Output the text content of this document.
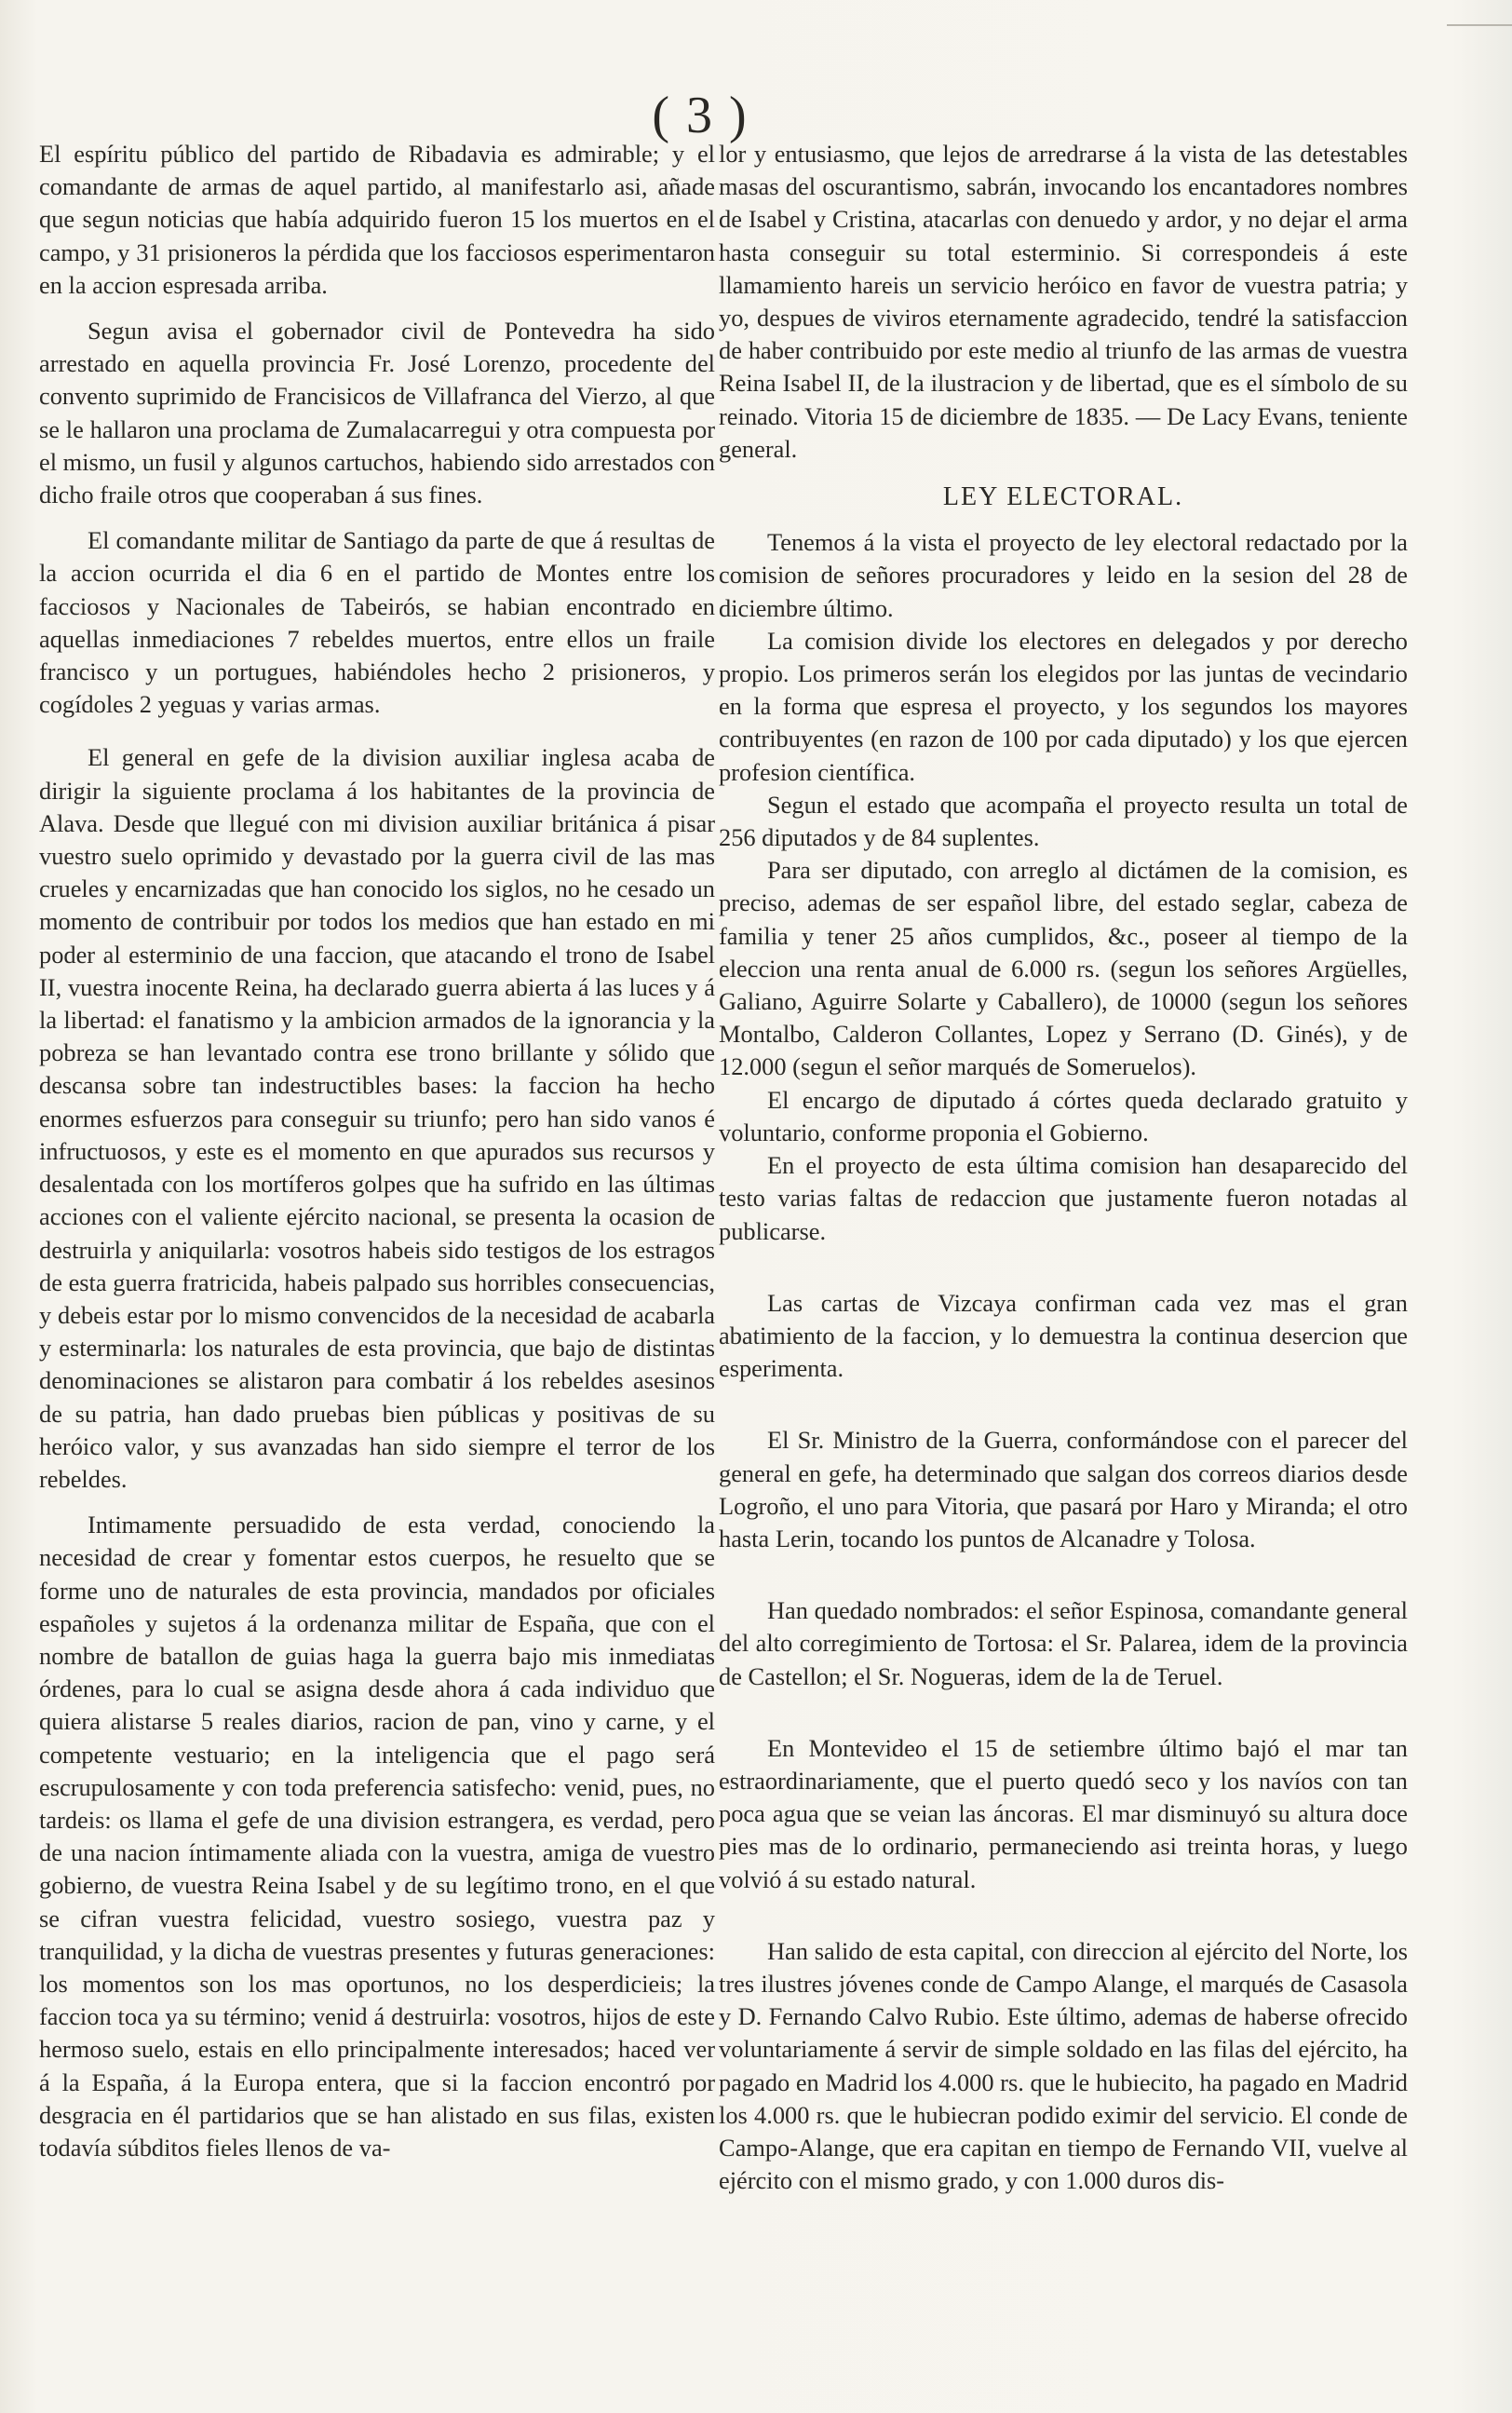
( 3 )

El espíritu público del partido de Ribadavia es admirable; y el comandante de armas de aquel partido, al manifestarlo asi, añade que segun noticias que había adquirido fueron 15 los muertos en el campo, y 31 prisioneros la pérdida que los facciosos esperimentaron en la accion espresada arriba.

Segun avisa el gobernador civil de Pontevedra ha sido arrestado en aquella provincia Fr. José Lorenzo, procedente del convento suprimido de Francisicos de Villafranca del Vierzo, al que se le hallaron una proclama de Zumalacarregui y otra compuesta por el mismo, un fusil y algunos cartuchos, habiendo sido arrestados con dicho fraile otros que cooperaban á sus fines.

El comandante militar de Santiago da parte de que á resultas de la accion ocurrida el dia 6 en el partido de Montes entre los facciosos y Nacionales de Tabeirós, se habian encontrado en aquellas inmediaciones 7 rebeldes muertos, entre ellos un fraile francisco y un portugues, habiéndoles hecho 2 prisioneros, y cogídoles 2 yeguas y varias armas.

El general en gefe de la division auxiliar inglesa acaba de dirigir la siguiente proclama á los habitantes de la provincia de Alava. Desde que llegué con mi division auxiliar británica á pisar vuestro suelo oprimido y devastado por la guerra civil de las mas crueles y encarnizadas que han conocido los siglos, no he cesado un momento de contribuir por todos los medios que han estado en mi poder al esterminio de una faccion, que atacando el trono de Isabel II, vuestra inocente Reina, ha declarado guerra abierta á las luces y á la libertad: el fanatismo y la ambicion armados de la ignorancia y la pobreza se han levantado contra ese trono brillante y sólido que descansa sobre tan indestructibles bases: la faccion ha hecho enormes esfuerzos para conseguir su triunfo; pero han sido vanos é infructuosos, y este es el momento en que apurados sus recursos y desalentada con los mortíferos golpes que ha sufrido en las últimas acciones con el valiente ejército nacional, se presenta la ocasion de destruirla y aniquilarla: vosotros habeis sido testigos de los estragos de esta guerra fratricida, habeis palpado sus horribles consecuencias, y debeis estar por lo mismo convencidos de la necesidad de acabarla y esterminarla: los naturales de esta provincia, que bajo de distintas denominaciones se alistaron para combatir á los rebeldes asesinos de su patria, han dado pruebas bien públicas y positivas de su heróico valor, y sus avanzadas han sido siempre el terror de los rebeldes.

Intimamente persuadido de esta verdad, conociendo la necesidad de crear y fomentar estos cuerpos, he resuelto que se forme uno de naturales de esta provincia, mandados por oficiales españoles y sujetos á la ordenanza militar de España, que con el nombre de batallon de guias haga la guerra bajo mis inmediatas órdenes, para lo cual se asigna desde ahora á cada individuo que quiera alistarse 5 reales diarios, racion de pan, vino y carne, y el competente vestuario; en la inteligencia que el pago será escrupulosamente y con toda preferencia satisfecho: venid, pues, no tardeis: os llama el gefe de una division estrangera, es verdad, pero de una nacion íntimamente aliada con la vuestra, amiga de vuestro gobierno, de vuestra Reina Isabel y de su legítimo trono, en el que se cifran vuestra felicidad, vuestro sosiego, vuestra paz y tranquilidad, y la dicha de vuestras presentes y futuras generaciones: los momentos son los mas oportunos, no los desperdicieis; la faccion toca ya su término; venid á destruirla: vosotros, hijos de este hermoso suelo, estais en ello principalmente interesados; haced ver á la España, á la Europa entera, que si la faccion encontró por desgracia en él partidarios que se han alistado en sus filas, existen todavía súbditos fieles llenos de va-

lor y entusiasmo, que lejos de arredrarse á la vista de las detestables masas del oscurantismo, sabrán, invocando los encantadores nombres de Isabel y Cristina, atacarlas con denuedo y ardor, y no dejar el arma hasta conseguir su total esterminio. Si correspondeis á este llamamiento hareis un servicio heróico en favor de vuestra patria; y yo, despues de viviros eternamente agradecido, tendré la satisfaccion de haber contribuido por este medio al triunfo de las armas de vuestra Reina Isabel II, de la ilustracion y de libertad, que es el símbolo de su reinado. Vitoria 15 de diciembre de 1835. — De Lacy Evans, teniente general.

LEY ELECTORAL.

Tenemos á la vista el proyecto de ley electoral redactado por la comision de señores procuradores y leido en la sesion del 28 de diciembre último.

La comision divide los electores en delegados y por derecho propio. Los primeros serán los elegidos por las juntas de vecindario en la forma que espresa el proyecto, y los segundos los mayores contribuyentes (en razon de 100 por cada diputado) y los que ejercen profesion científica.

Segun el estado que acompaña el proyecto resulta un total de 256 diputados y de 84 suplentes.

Para ser diputado, con arreglo al dictámen de la comision, es preciso, ademas de ser español libre, del estado seglar, cabeza de familia y tener 25 años cumplidos, &c., poseer al tiempo de la eleccion una renta anual de 6.000 rs. (segun los señores Argüelles, Galiano, Aguirre Solarte y Caballero), de 10000 (segun los señores Montalbo, Calderon Collantes, Lopez y Serrano (D. Ginés), y de 12.000 (segun el señor marqués de Someruelos).

El encargo de diputado á córtes queda declarado gratuito y voluntario, conforme proponia el Gobierno.

En el proyecto de esta última comision han desaparecido del testo varias faltas de redaccion que justamente fueron notadas al publicarse.

Las cartas de Vizcaya confirman cada vez mas el gran abatimiento de la faccion, y lo demuestra la continua desercion que esperimenta.

El Sr. Ministro de la Guerra, conformándose con el parecer del general en gefe, ha determinado que salgan dos correos diarios desde Logroño, el uno para Vitoria, que pasará por Haro y Miranda; el otro hasta Lerin, tocando los puntos de Alcanadre y Tolosa.

Han quedado nombrados: el señor Espinosa, comandante general del alto corregimiento de Tortosa: el Sr. Palarea, idem de la provincia de Castellon; el Sr. Nogueras, idem de la de Teruel.

En Montevideo el 15 de setiembre último bajó el mar tan estraordinariamente, que el puerto quedó seco y los navíos con tan poca agua que se veian las áncoras. El mar disminuyó su altura doce pies mas de lo ordinario, permaneciendo asi treinta horas, y luego volvió á su estado natural.

Han salido de esta capital, con direccion al ejército del Norte, los tres ilustres jóvenes conde de Campo Alange, el marqués de Casasola y D. Fernando Calvo Rubio. Este último, ademas de haberse ofrecido voluntariamente á servir de simple soldado en las filas del ejército, ha pagado en Madrid los 4.000 rs. que le hubiecito, ha pagado en Madrid los 4.000 rs. que le hubiecran podido eximir del servicio. El conde de Campo-Alange, que era capitan en tiempo de Fernando VII, vuelve al ejército con el mismo grado, y con 1.000 duros dis-
